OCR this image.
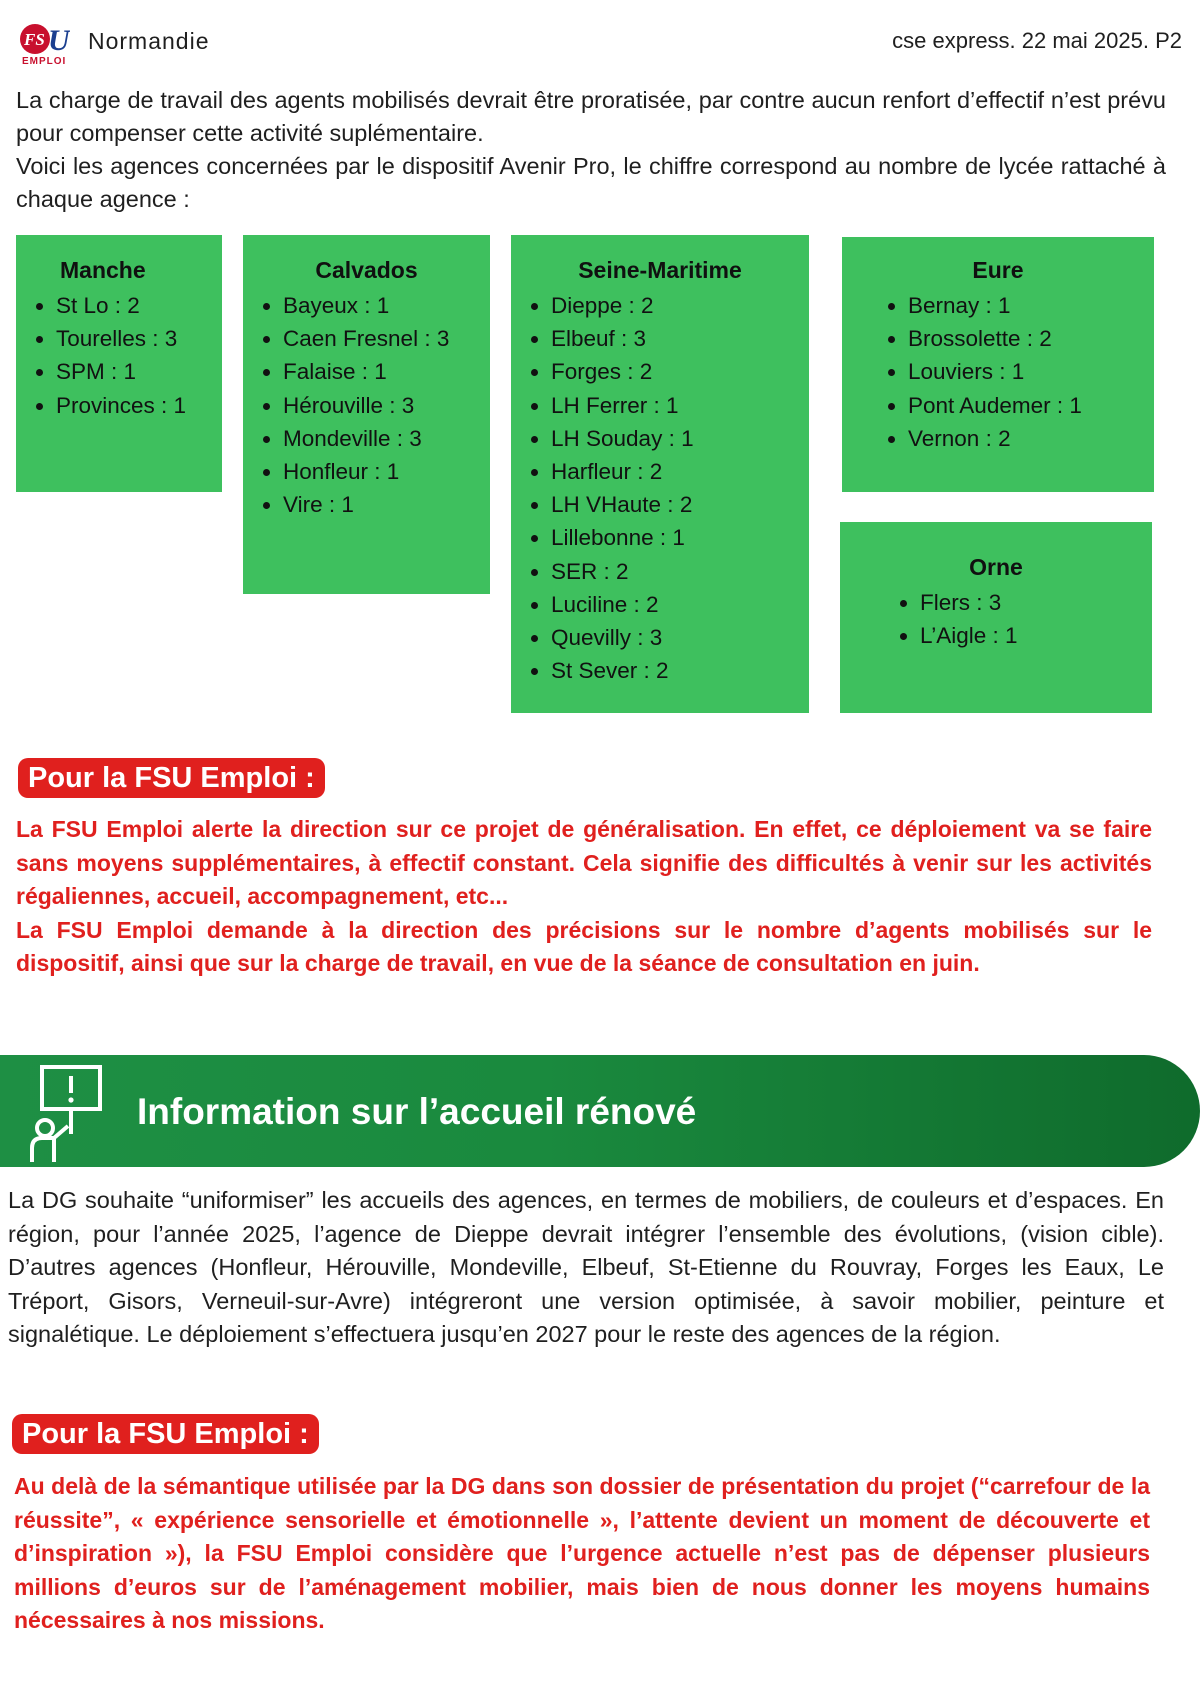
FS U
EMPLOI
Normandie	cse express. 22 mai 2025. P2

La charge de travail des agents mobilisés devrait être proratisée, par contre aucun renfort d’effectif n’est prévu pour compenser cette activité suplémentaire.

Voici les agences concernées par le dispositif Avenir Pro, le chiffre correspond au nombre de lycée rattaché à chaque agence :

Manche
• St Lo : 2
• Tourelles : 3
• SPM : 1
• Provinces : 1
Calvados
• Bayeux : 1
• Caen Fresnel : 3
• Falaise : 1
• Hérouville : 3
• Mondeville : 3
• Honfleur : 1
• Vire : 1
Seine-Maritime
• Dieppe : 2
• Elbeuf : 3
• Forges : 2
• LH Ferrer : 1
• LH Souday : 1
• Harfleur : 2
• LH VHaute : 2
• Lillebonne : 1
• SER : 2
• Luciline : 2
• Quevilly : 3
• St Sever : 2
Eure
• Bernay : 1
• Brossolette : 2
• Louviers : 1
• Pont Audemer : 1
• Vernon : 2
Orne
• Flers : 3
• L’Aigle : 1
Pour la FSU Emploi :

La FSU Emploi alerte la direction sur ce projet de généralisation. En effet, ce déploiement va se faire sans moyens supplémentaires, à effectif constant. Cela signifie des difficultés à venir sur les activités régaliennes, accueil, accompagnement, etc...

La FSU Emploi demande à la direction des précisions sur le nombre d’agents mobilisés sur le dispositif, ainsi que sur la charge de travail, en vue de la séance de consultation en juin.

Information sur l’accueil rénové

La DG souhaite “uniformiser” les accueils des agences, en termes de mobiliers, de couleurs et d’espaces. En région, pour l’année 2025, l’agence de Dieppe devrait intégrer l’ensemble des évolutions, (vision cible). D’autres agences (Honfleur, Hérouville, Mondeville, Elbeuf, St-Etienne du Rouvray, Forges les Eaux, Le Tréport, Gisors, Verneuil-sur-Avre) intégreront une version optimisée, à savoir mobilier, peinture et signalétique. Le déploiement s’effectuera jusqu’en 2027 pour le reste des agences de la région.

Pour la FSU Emploi :

Au delà de la sémantique utilisée par la DG dans son dossier de présentation du projet (“carrefour de la réussite”, « expérience sensorielle et émotionnelle », l’attente devient un moment de découverte et d’inspiration »), la FSU Emploi considère que l’urgence actuelle n’est pas de dépenser plusieurs millions d’euros sur de l’aménagement mobilier, mais bien de nous donner les moyens humains nécessaires à nos missions.
